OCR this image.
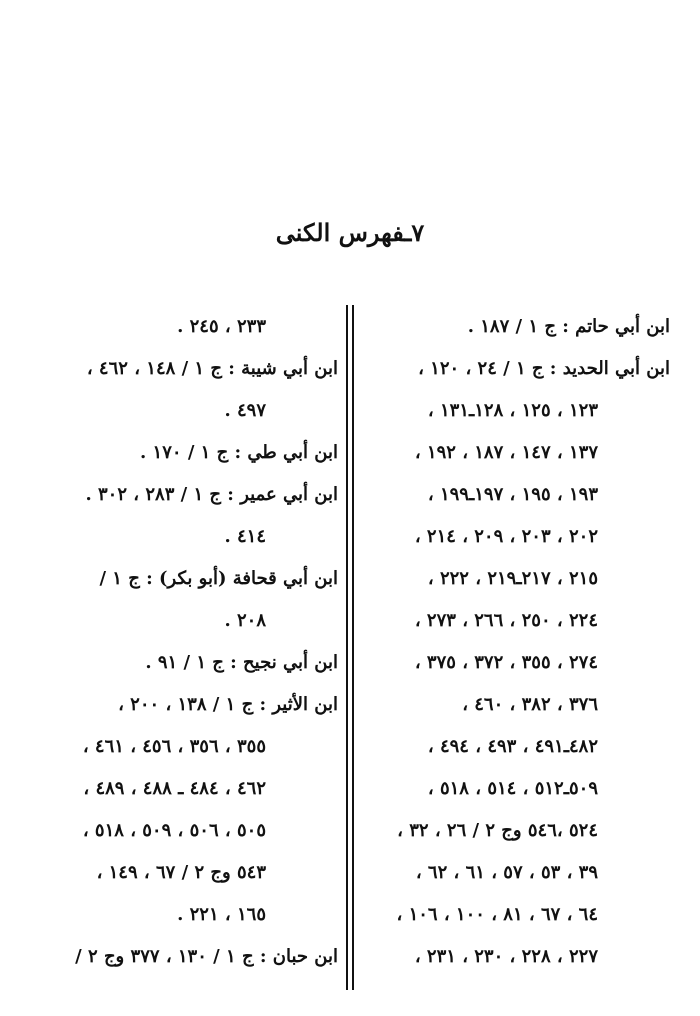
٧ـفهرس الكنى
ابن أبي حاتم : ج ١ / ١٨٧ .
ابن أبي الحديد : ج ١ / ٢٤ ، ١٢٠ ،
١٢٣ ، ١٢٥ ، ١٢٨ـ١٣١ ،
١٣٧ ، ١٤٧ ، ١٨٧ ، ١٩٢ ،
١٩٣ ، ١٩٥ ، ١٩٧ـ١٩٩ ،
٢٠٢ ، ٢٠٣ ، ٢٠٩ ، ٢١٤ ،
٢١٥ ، ٢١٧ـ٢١٩ ، ٢٢٢ ،
٢٢٤ ، ٢٥٠ ، ٢٦٦ ، ٢٧٣ ،
٢٧٤ ، ٣٥٥ ، ٣٧٢ ، ٣٧٥ ،
٣٧٦ ، ٣٨٢ ، ٤٦٠ ،
٤٨٢ـ٤٩١ ، ٤٩٣ ، ٤٩٤ ،
٥٠٩ـ٥١٢ ، ٥١٤ ، ٥١٨ ،
٥٢٤ ،٥٤٦ وج ٢ / ٢٦ ، ٣٢ ،
٣٩ ، ٥٣ ، ٥٧ ، ٦١ ، ٦٢ ،
٦٤ ، ٦٧ ، ٨١ ، ١٠٠ ، ١٠٦ ،
٢٢٧ ، ٢٢٨ ، ٢٣٠ ، ٢٣١ ،
٢٣٣ ، ٢٤٥ .
ابن أبي شيبة : ج ١ / ١٤٨ ، ٤٦٢ ،
٤٩٧ .
ابن أبي طي : ج ١ / ١٧٠ .
ابن أبي عمير : ج ١ / ٢٨٣ ، ٣٠٢ .
٤١٤ .
ابن أبي قحافة (أبو بكر) : ج ١ /
٢٠٨ .
ابن أبي نجيح : ج ١ / ٩١ .
ابن الأثير : ج ١ / ١٣٨ ، ٢٠٠ ،
٣٥٥ ، ٣٥٦ ، ٤٥٦ ، ٤٦١ ،
٤٦٢ ، ٤٨٤ ـ ٤٨٨ ، ٤٨٩ ،
٥٠٥ ، ٥٠٦ ، ٥٠٩ ، ٥١٨ ،
٥٤٣ وج ٢ / ٦٧ ، ١٤٩ ،
١٦٥ ، ٢٢١ .
ابن حبان : ج ١ / ١٣٠ ، ٣٧٧ وج ٢ /
